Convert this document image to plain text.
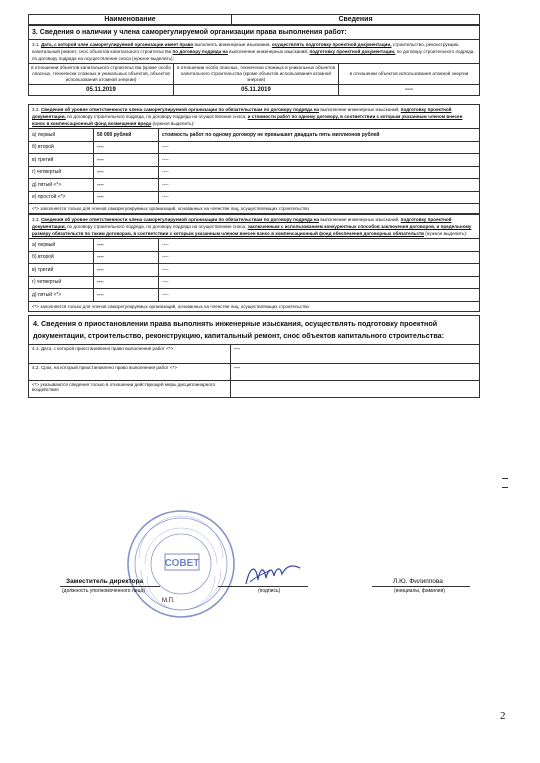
Наименование	Сведения
3. Сведения о наличии у члена саморегулируемой организации права выполнения работ:		
3.1. Дата, с которой член саморегулируемой организации имеет право выполнять инженерные изыскания, осуществлять подготовку проектной документации, строительство, реконструкцию, капитальный ремонт, снос объектов капитального строительства по договору подряда на выполнение инженерных изысканий, подготовку проектной документации, по договору строительного подряда, по договору подряда на осуществление сноса (нужное выделить):		
в отношении объектов капитального строительства (кроме особо опасных, технически сложных и уникальных объектов, объектов использования атомной энергии)	в отношении особо опасных, технически сложных и уникальных объектов капитального строительства (кроме объектов использования атомной энергии)	в отношении объектов использования атомной энергии
05.11.2019	05.11.2019	----
3.2. Сведения об уровне ответственности члена саморегулируемой организации по обязательствам по договору подряда на выполнение инженерных изысканий, подготовку проектной документации, по договору строительного подряда, по договору подряда на осуществление сноса, и стоимости работ по одному договору, в соответствии с которым указанным членом внесен взнос в компенсационный фонд возмещения вреда (нужное выделить):		
а) первый	50 000 рублей	стоимость работ по одному договору не превышает двадцать пять миллионов рублей
б) второй	----	----
в) третий	----	----
г) четвертый	----	----
д) пятый <*>	----	----
е) простой <*>	----	----
<*> заполняется только для членов саморегулируемых организаций, основанных на членстве лиц, осуществляющих строительство		
3.3. Сведения об уровне ответственности члена саморегулируемой организации по обязательствам по договору подряда на выполнение инженерных изысканий, подготовку проектной документации, по договору строительного подряда, по договору подряда на осуществление сноса, заключенным с использованием конкурентных способов заключения договоров, и предельному размеру обязательств по таким договорам, в соответствии с которым указанным членом внесен взнос в компенсационный фонд обеспечения договорных обязательств (нужное выделить):		
а) первый	----	----
б) второй	----	----
в) третий	----	----
г) четвертый	----	----
д) пятый <*>	----	----
<*> заполняется только для членов саморегулируемых организаций, основанных на членстве лиц, осуществляющих строительство		
4. Сведения о приостановлении права выполнять инженерные изыскания, осуществлять подготовку проектной документации, строительство, реконструкцию, капитальный ремонт, снос объектов капитального строительства:	
4.1. Дата, с которой приостановлено право выполнения работ <*>	----
4.2. Срок, на который приостановлено право выполнения работ <*>	----
<*> указываются сведения только в отношении действующей меры дисциплинарного воздействия	
СОВЕТ
Заместитель директора
(должность уполномоченного лица)	(подпись)
Л.Ю. Филиппова
(инициалы, фамилия)
М.П.
2
